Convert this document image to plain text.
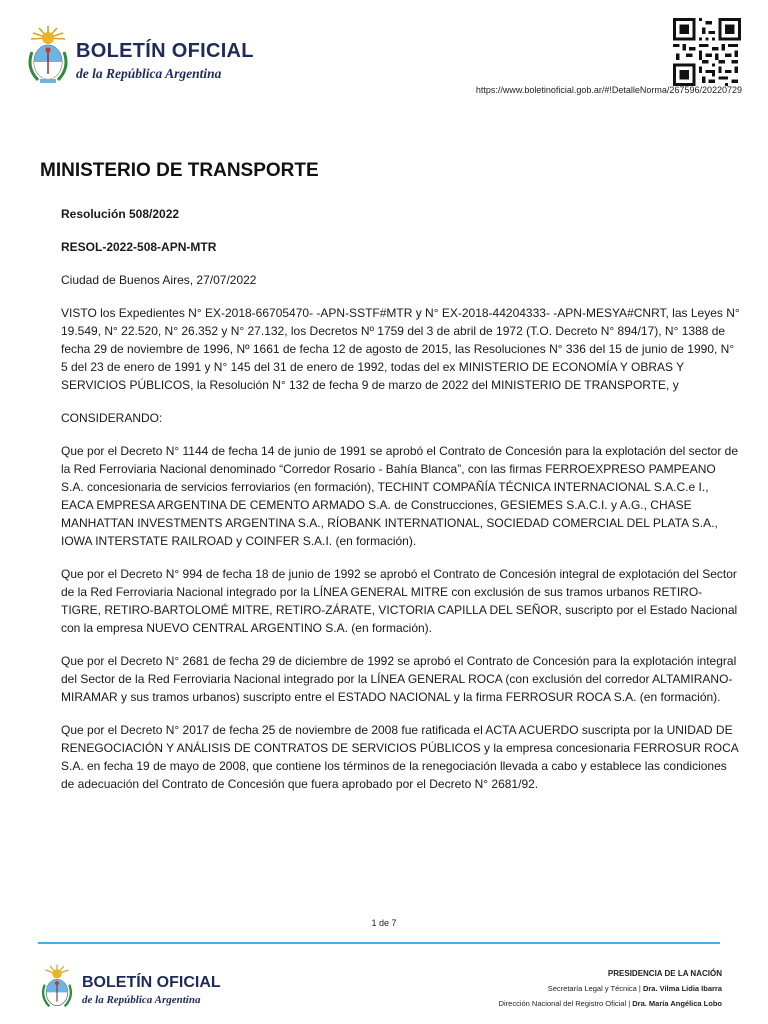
BOLETÍN OFICIAL
de la República Argentina
https://www.boletinoficial.gob.ar/#!DetalleNorma/267596/20220729
MINISTERIO DE TRANSPORTE

Resolución 508/2022

RESOL-2022-508-APN-MTR

Ciudad de Buenos Aires, 27/07/2022

VISTO los Expedientes N° EX-2018-66705470- -APN-SSTF#MTR y N° EX-2018-44204333- -APN-MESYA#CNRT, las Leyes N° 19.549, N° 22.520, N° 26.352 y N° 27.132, los Decretos Nº 1759 del 3 de abril de 1972 (T.O. Decreto N° 894/17), N° 1388 de fecha 29 de noviembre de 1996, Nº 1661 de fecha 12 de agosto de 2015, las Resoluciones N° 336 del 15 de junio de 1990, N° 5 del 23 de enero de 1991 y N° 145 del 31 de enero de 1992, todas del ex MINISTERIO DE ECONOMÍA Y OBRAS Y SERVICIOS PÚBLICOS, la Resolución N° 132 de fecha 9 de marzo de 2022 del MINISTERIO DE TRANSPORTE, y

CONSIDERANDO:

Que por el Decreto N° 1144 de fecha 14 de junio de 1991 se aprobó el Contrato de Concesión para la explotación del sector de la Red Ferroviaria Nacional denominado “Corredor Rosario - Bahía Blanca”, con las firmas FERROEXPRESO PAMPEANO S.A. concesionaria de servicios ferroviarios (en formación), TECHINT COMPAÑÍA TÉCNICA INTERNACIONAL S.A.C.e I., EACA EMPRESA ARGENTINA DE CEMENTO ARMADO S.A. de Construcciones, GESIEMES S.A.C.I. y A.G., CHASE MANHATTAN INVESTMENTS ARGENTINA S.A., RÍOBANK INTERNATIONAL, SOCIEDAD COMERCIAL DEL PLATA S.A., IOWA INTERSTATE RAILROAD y COINFER S.A.I. (en formación).

Que por el Decreto N° 994 de fecha 18 de junio de 1992 se aprobó el Contrato de Concesión integral de explotación del Sector de la Red Ferroviaria Nacional integrado por la LÍNEA GENERAL MITRE con exclusión de sus tramos urbanos RETIRO-TIGRE, RETIRO-BARTOLOMÉ MITRE, RETIRO-ZÁRATE, VICTORIA CAPILLA DEL SEÑOR, suscripto por el Estado Nacional con la empresa NUEVO CENTRAL ARGENTINO S.A. (en formación).

Que por el Decreto N° 2681 de fecha 29 de diciembre de 1992 se aprobó el Contrato de Concesión para la explotación integral del Sector de la Red Ferroviaria Nacional integrado por la LÍNEA GENERAL ROCA (con exclusión del corredor ALTAMIRANO-MIRAMAR y sus tramos urbanos) suscripto entre el ESTADO NACIONAL y la firma FERROSUR ROCA S.A. (en formación).

Que por el Decreto N° 2017 de fecha 25 de noviembre de 2008 fue ratificada el ACTA ACUERDO suscripta por la UNIDAD DE RENEGOCIACIÓN Y ANÁLISIS DE CONTRATOS DE SERVICIOS PÚBLICOS y la empresa concesionaria FERROSUR ROCA S.A. en fecha 19 de mayo de 2008, que contiene los términos de la renegociación llevada a cabo y establece las condiciones de adecuación del Contrato de Concesión que fuera aprobado por el Decreto N° 2681/92.

1 de 7
BOLETÍN OFICIAL
de la República Argentina
PRESIDENCIA DE LA NACIÓN
Secretaría Legal y Técnica | Dra. Vilma Lidia Ibarra
Dirección Nacional del Registro Oficial | Dra. María Angélica Lobo
